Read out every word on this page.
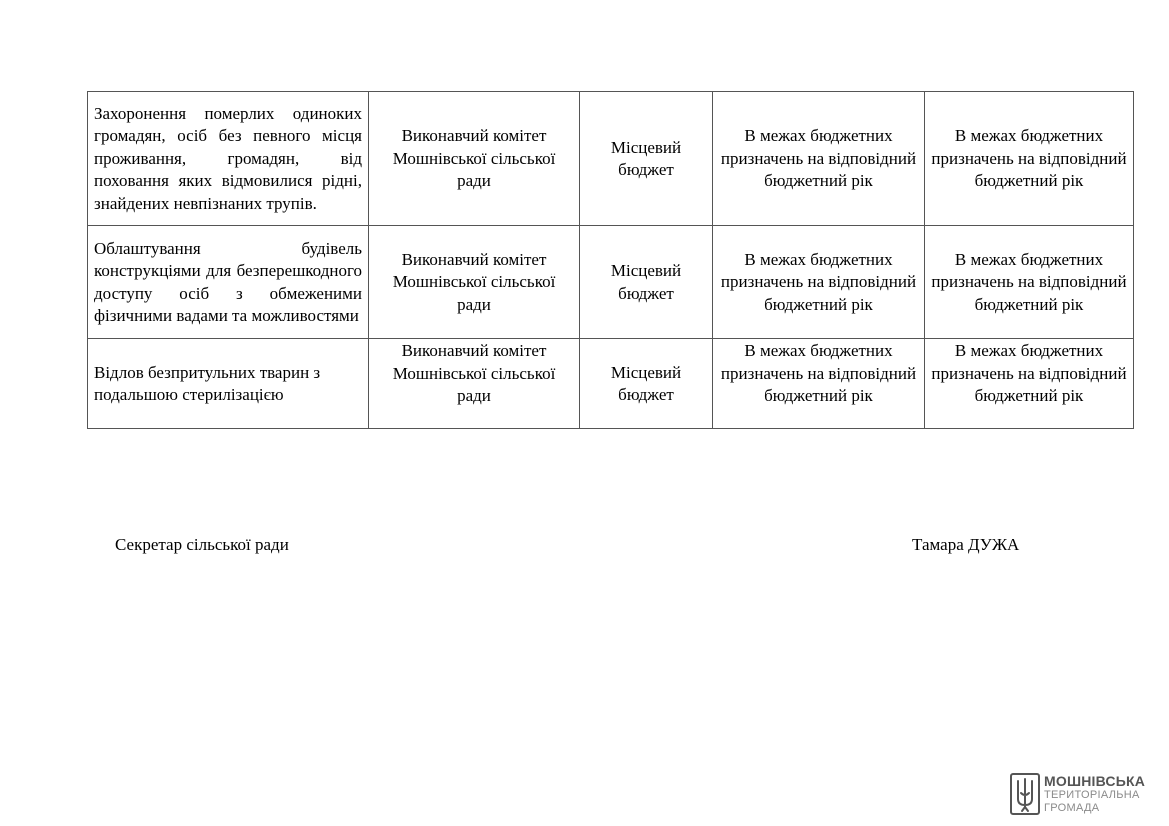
Захоронення померлих одиноких громадян, осіб без певного місця проживання, громадян, від поховання яких відмовилися рідні, знайдених невпізнаних трупів.	Виконавчий комітет Мошнівської сільської ради	Місцевий бюджет	В межах бюджетних призначень на відповідний бюджетний рік	В межах бюджетних призначень на відповідний бюджетний рік
Облаштування будівель конструкціями для безперешкодного доступу осіб з обмеженими фізичними вадами та можливостями	Виконавчий комітет Мошнівської сільської ради	Місцевий бюджет	В межах бюджетних призначень на відповідний бюджетний рік	В межах бюджетних призначень на відповідний бюджетний рік
Відлов безпритульних тварин з подальшою стерилізацією	Виконавчий комітет Мошнівської сільської ради	Місцевий бюджет	В межах бюджетних призначень на відповідний бюджетний рік	В межах бюджетних призначень на відповідний бюджетний рік
Секретар сільської ради	Тамара ДУЖА
МОШНІВСЬКА
ТЕРИТОРІАЛЬНА
ГРОМАДА
